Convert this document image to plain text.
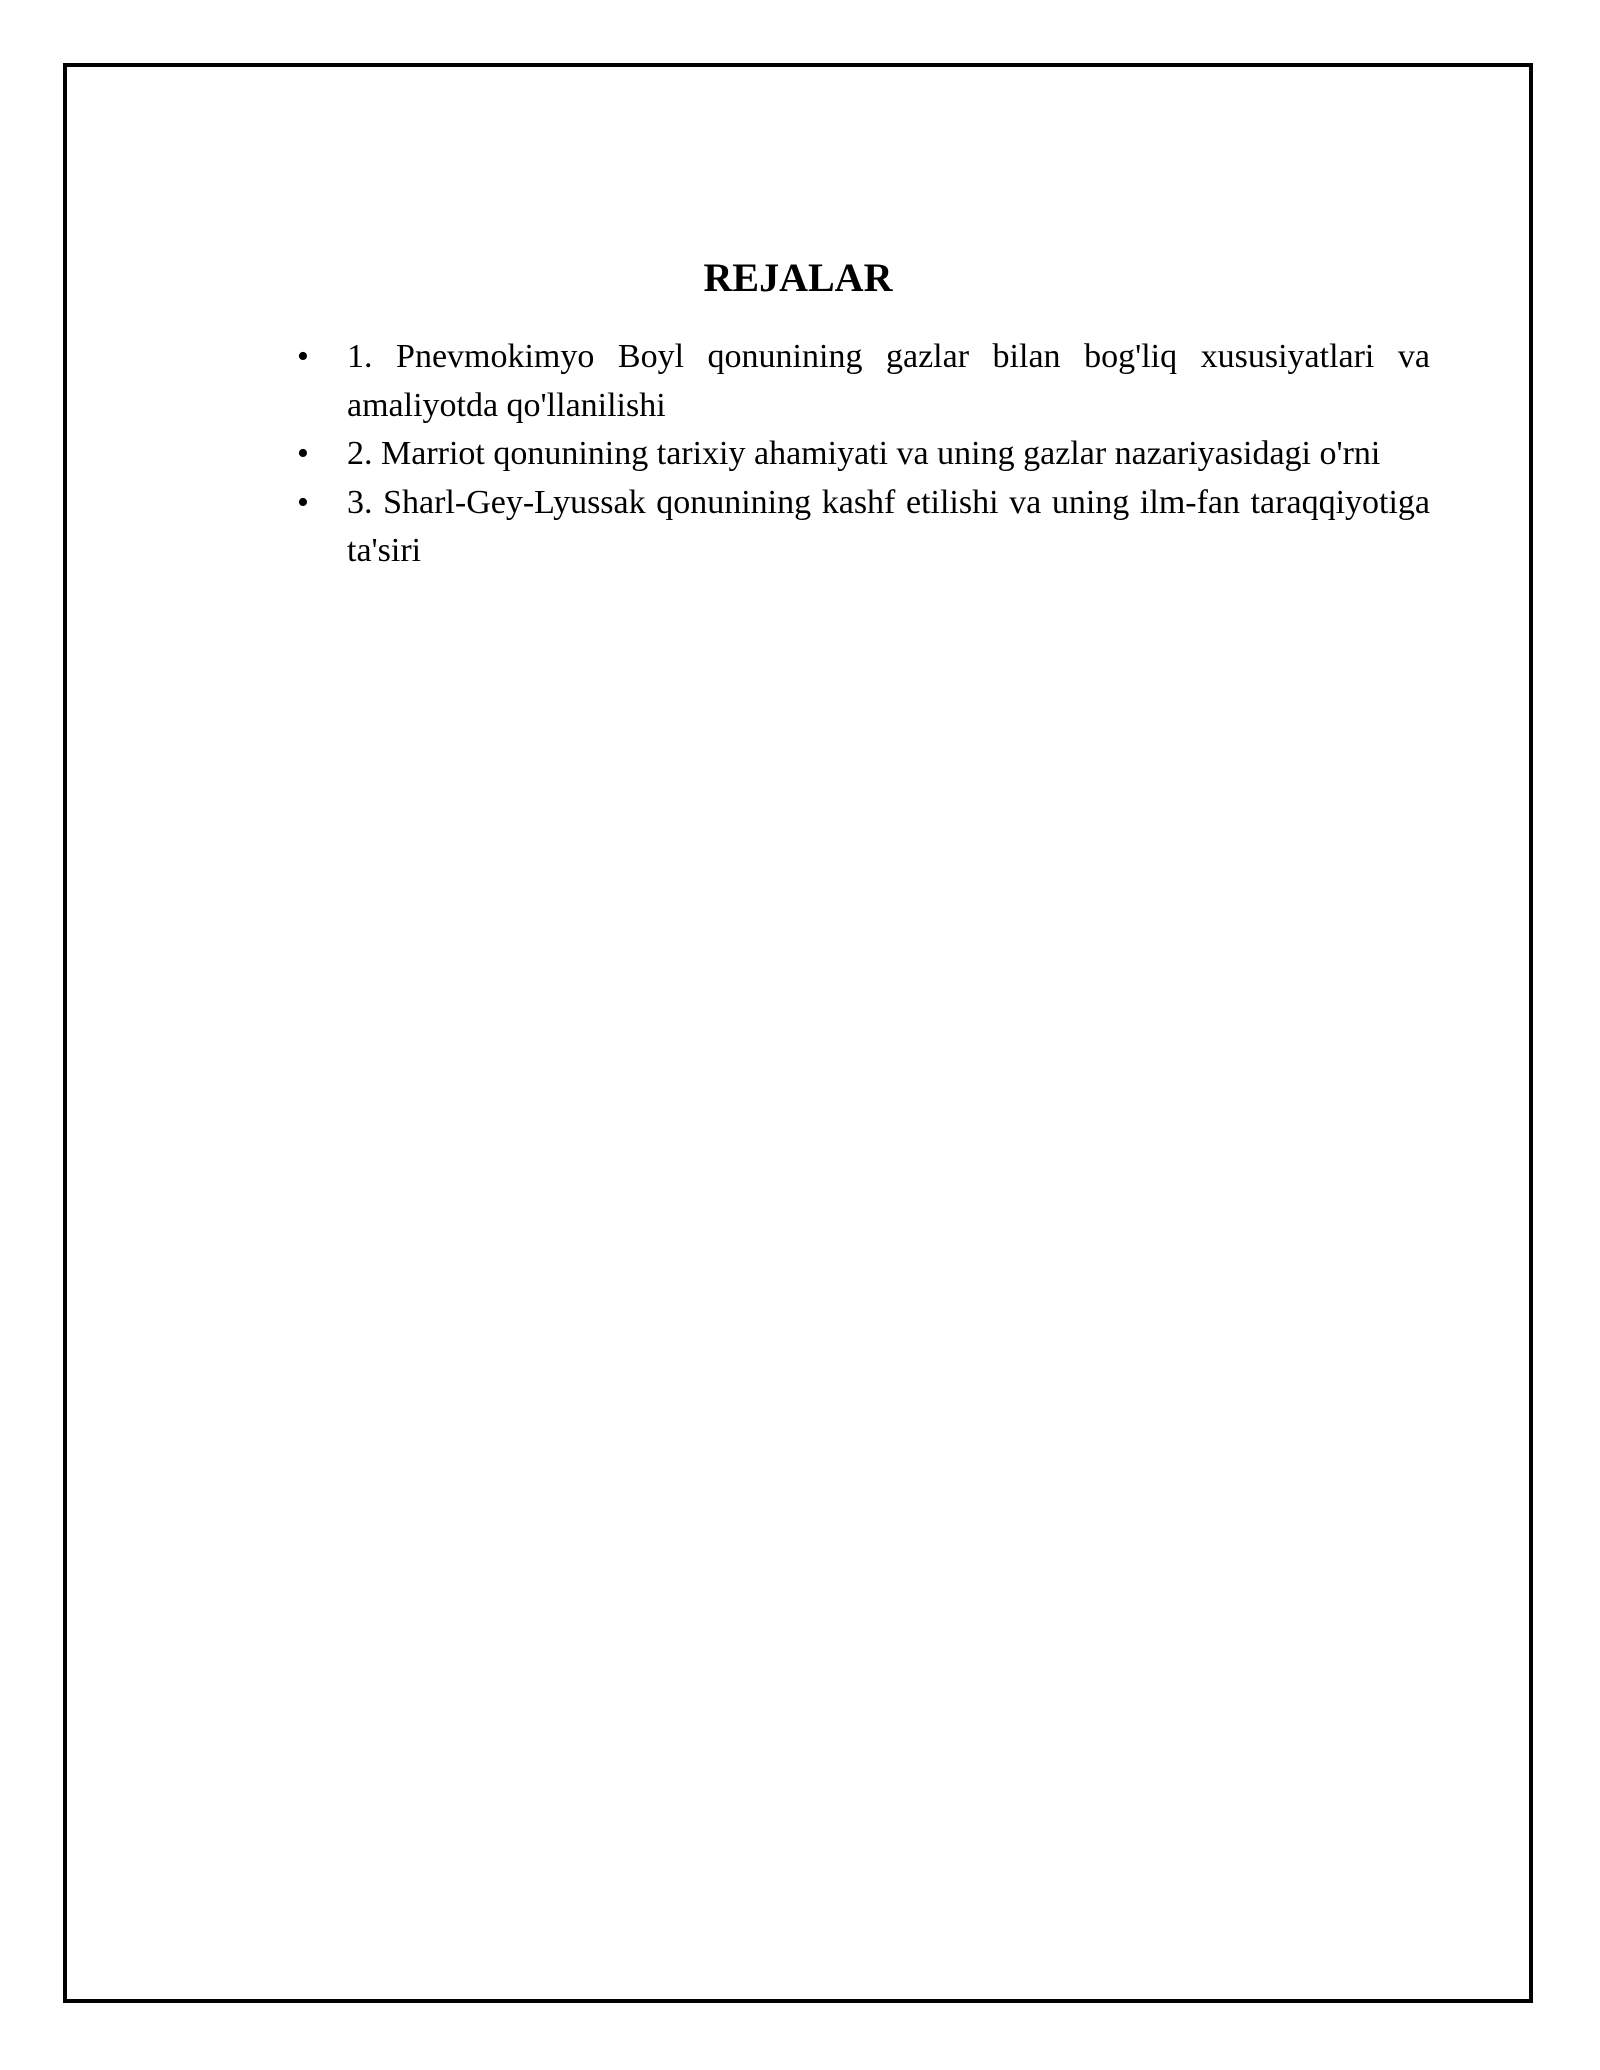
REJALAR
• 1. Pnevmokimyo Boyl qonunining gazlar bilan bog'liq xususiyatlari va amaliyotda qo'llanilishi
• 2. Marriot qonunining tarixiy ahamiyati va uning gazlar nazariyasidagi o'rni
• 3. Sharl-Gey-Lyussak qonunining kashf etilishi va uning ilm-fan taraqqiyotiga ta'siri
